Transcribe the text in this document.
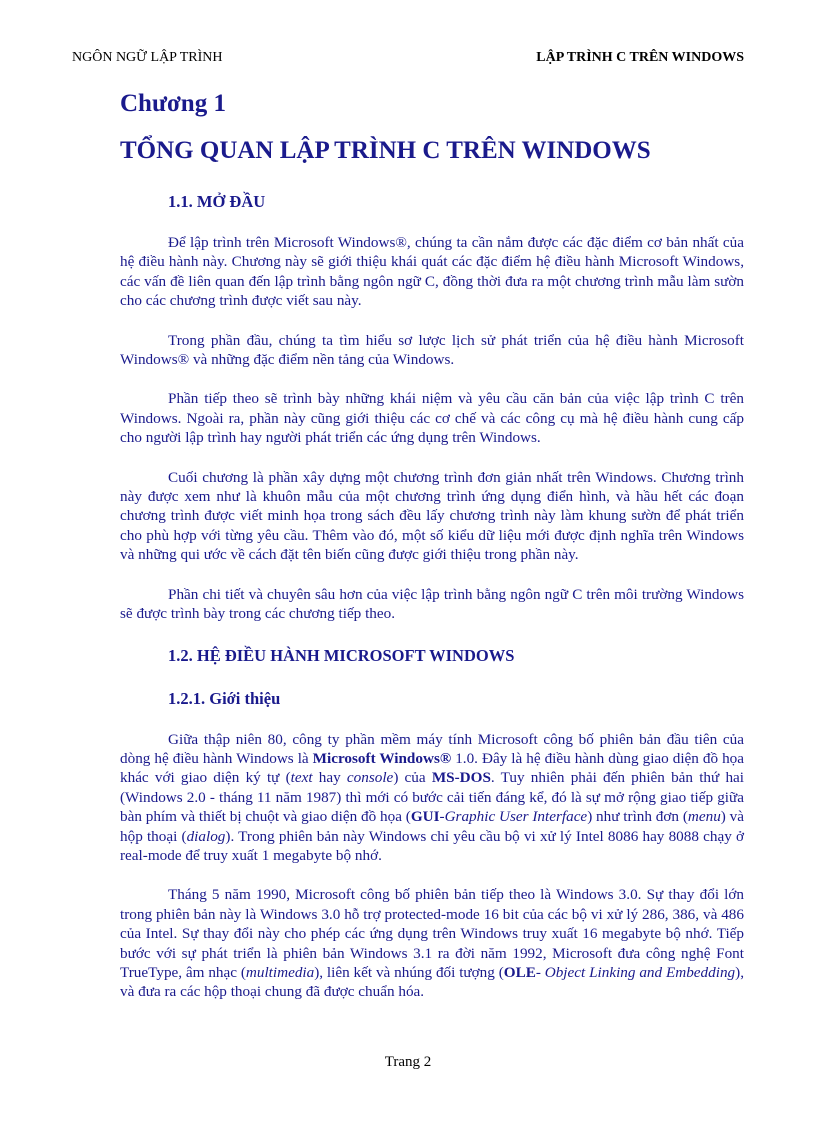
NGÔN NGỮ LẬP TRÌNH	LẬP TRÌNH C TRÊN WINDOWS
Chương 1
TỔNG QUAN LẬP TRÌNH C TRÊN WINDOWS
1.1. MỞ ĐẦU

Để lập trình trên Microsoft Windows®, chúng ta cần nắm được các đặc điểm cơ bản nhất của hệ điều hành này. Chương này sẽ giới thiệu khái quát các đặc điểm hệ điều hành Microsoft Windows, các vấn đề liên quan đến lập trình bằng ngôn ngữ C, đồng thời đưa ra một chương trình mẫu làm sườn cho các chương trình được viết sau này.

Trong phần đầu, chúng ta tìm hiểu sơ lược lịch sử phát triển của hệ điều hành Microsoft Windows® và những đặc điểm nền tảng của Windows.

Phần tiếp theo sẽ trình bày những khái niệm và yêu cầu căn bản của việc lập trình C trên Windows. Ngoài ra, phần này cũng giới thiệu các cơ chế và các công cụ mà hệ điều hành cung cấp cho người lập trình hay người phát triển các ứng dụng trên Windows.

Cuối chương là phần xây dựng một chương trình đơn giản nhất trên Windows. Chương trình này được xem như là khuôn mẫu của một chương trình ứng dụng điển hình, và hầu hết các đoạn chương trình được viết minh họa trong sách đều lấy chương trình này làm khung sườn để phát triển cho phù hợp với từng yêu cầu. Thêm vào đó, một số kiểu dữ liệu mới được định nghĩa trên Windows và những qui ước về cách đặt tên biến cũng được giới thiệu trong phần này.

Phần chi tiết và chuyên sâu hơn của việc lập trình bằng ngôn ngữ C trên môi trường Windows sẽ được trình bày trong các chương tiếp theo.

1.2. HỆ ĐIỀU HÀNH MICROSOFT WINDOWS
1.2.1. Giới thiệu

Giữa thập niên 80, công ty phần mềm máy tính Microsoft công bố phiên bản đầu tiên của dòng hệ điều hành Windows là Microsoft Windows® 1.0. Đây là hệ điều hành dùng giao diện đồ họa khác với giao diện ký tự (text hay console) của MS-DOS. Tuy nhiên phải đến phiên bản thứ hai (Windows 2.0 - tháng 11 năm 1987) thì mới có bước cải tiến đáng kể, đó là sự mở rộng giao tiếp giữa bàn phím và thiết bị chuột và giao diện đồ họa (GUI-Graphic User Interface) như trình đơn (menu) và hộp thoại (dialog). Trong phiên bản này Windows chỉ yêu cầu bộ vi xử lý Intel 8086 hay 8088 chạy ở real-mode để truy xuất 1 megabyte bộ nhớ.

Tháng 5 năm 1990, Microsoft công bố phiên bản tiếp theo là Windows 3.0. Sự thay đổi lớn trong phiên bản này là Windows 3.0 hỗ trợ protected-mode 16 bit của các bộ vi xử lý 286, 386, và 486 của Intel. Sự thay đổi này cho phép các ứng dụng trên Windows truy xuất 16 megabyte bộ nhớ. Tiếp bước với sự phát triển là phiên bản Windows 3.1 ra đời năm 1992, Microsoft đưa công nghệ Font TrueType, âm nhạc (multimedia), liên kết và nhúng đối tượng (OLE- Object Linking and Embedding), và đưa ra các hộp thoại chung đã được chuẩn hóa.

Trang 2
